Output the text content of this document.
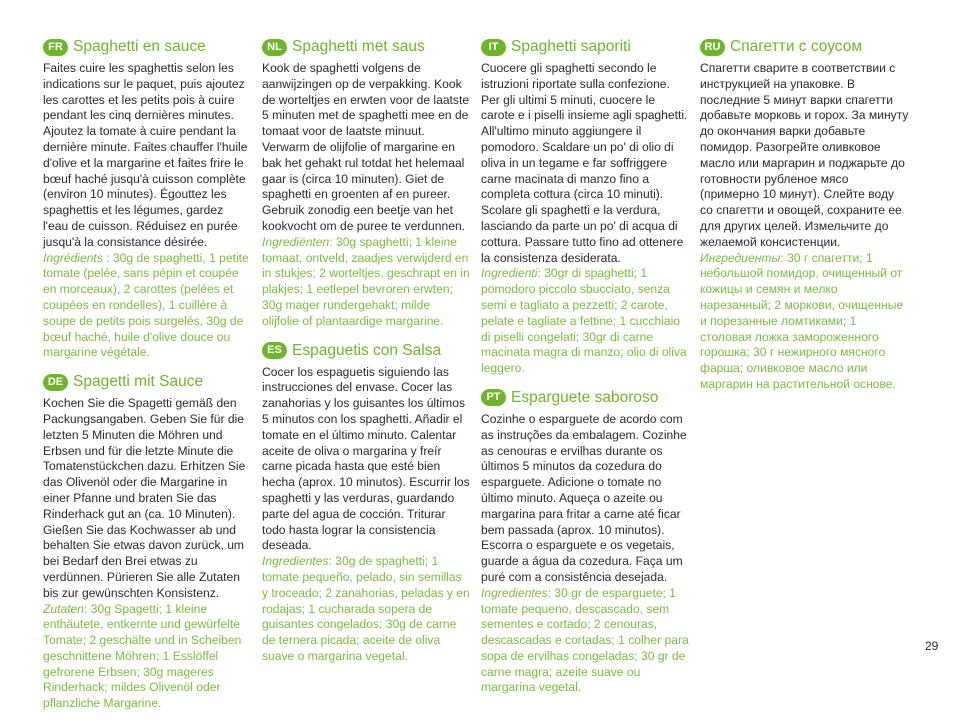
FR Spaghetti en sauce

Faites cuire les spaghettis selon les indications sur le paquet, puis ajoutez les carottes et les petits pois à cuire pendant les cinq dernières minutes. Ajoutez la tomate à cuire pendant la dernière minute. Faites chauffer l'huile d'olive et la margarine et faites frire le bœuf haché jusqu'à cuisson complète (environ 10 minutes). Égouttez les spaghettis et les légumes, gardez l'eau de cuisson. Réduisez en purée jusqu'à la consistance désirée.

Ingrédients : 30g de spaghetti, 1 petite tomate (pelée, sans pépin et coupée en morceaux), 2 carottes (pelées et coupées en rondelles), 1 cuillère à soupe de petits pois surgelés, 30g de bœuf haché, huile d'olive douce ou margarine végétale.

DE Spagetti mit Sauce

Kochen Sie die Spagetti gemäß den Packungsangaben. Geben Sie für die letzten 5 Minuten die Möhren und Erbsen und für die letzte Minute die Tomatenstückchen dazu. Erhitzen Sie das Olivenöl oder die Margarine in einer Pfanne und braten Sie das Rinderhack gut an (ca. 10 Minuten). Gießen Sie das Kochwasser ab und behalten Sie etwas davon zurück, um bei Bedarf den Brei etwas zu verdünnen. Pürieren Sie alle Zutaten bis zur gewünschten Konsistenz.

Zutaten: 30g Spagetti; 1 kleine enthäutete, entkernte und gewürfelte Tomate; 2 geschälte und in Scheiben geschnittene Möhren; 1 Esslöffel gefrorene Erbsen; 30g mageres Rinderhack; mildes Olivenöl oder pflanzliche Margarine.

NL Spaghetti met saus

Kook de spaghetti volgens de aanwijzingen op de verpakking. Kook de worteltjes en erwten voor de laatste 5 minuten met de spaghetti mee en de tomaat voor de laatste minuut. Verwarm de olijfolie of margarine en bak het gehakt rul totdat het helemaal gaar is (circa 10 minuten). Giet de spaghetti en groenten af en pureer. Gebruik zonodig een beetje van het kookvocht om de puree te verdunnen.

Ingrediënten: 30g spaghetti; 1 kleine tomaat, ontveld, zaadjes verwijderd en in stukjes; 2 worteltjes, geschrapt en in plakjes; 1 eetlepel bevroren erwten; 30g mager rundergehakt; milde olijfolie of plantaardige margarine.

ES Espaguetis con Salsa

Cocer los espaguetis siguiendo las instrucciones del envase. Cocer las zanahorias y los guisantes los últimos 5 minutos con los spaghetti. Añadir el tomate en el último minuto. Calentar aceite de oliva o margarina y freír carne picada hasta que esté bien hecha (aprox. 10 minutos). Escurrir los spaghetti y las verduras, guardando parte del agua de cocción. Triturar todo hasta lograr la consistencia deseada.

Ingredientes: 30g de spaghetti; 1 tomate pequeño, pelado, sin semillas y troceado; 2 zanahorias, peladas y en rodajas; 1 cucharada sopera de guisantes congelados; 30g de carne de ternera picada; aceite de oliva suave o margarina vegetal.

IT Spaghetti saporiti

Cuocere gli spaghetti secondo le istruzioni riportate sulla confezione. Per gli ultimi 5 minuti, cuocere le carote e i piselli insieme agli spaghetti. All'ultimo minuto aggiungere il pomodoro. Scaldare un po' di olio di oliva in un tegame e far soffriggere carne macinata di manzo fino a completa cottura (circa 10 minuti). Scolare gli spaghetti e la verdura, lasciando da parte un po' di acqua di cottura. Passare tutto fino ad ottenere la consistenza desiderata.

Ingredienti: 30gr di spaghetti; 1 pomodoro piccolo sbucciato, senza semi e tagliato a pezzetti; 2 carote, pelate e tagliate a fettine; 1 cucchiaio di piselli congelati; 30gr di carne macinata magra di manzo; olio di oliva leggero.

PT Esparguete saboroso

Cozinhe o esparguete de acordo com as instruções da embalagem. Cozinhe as cenouras e ervilhas durante os últimos 5 minutos da cozedura do esparguete. Adicione o tomate no último minuto. Aqueça o azeite ou margarina para fritar a carne até ficar bem passada (aprox. 10 minutos). Escorra o esparguete e os vegetais, guarde a água da cozedura. Faça um puré com a consistência desejada.

Ingredientes: 30 gr de esparguete; 1 tomate pequeno, descascado, sem sementes e cortado; 2 cenouras, descascadas e cortadas; 1 colher para sopa de ervilhas congeladas; 30 gr de carne magra; azeite suave ou margarina vegetal.

RU Спагетти с соусом

Спагетти сварите в соответствии с инструкцией на упаковке. В последние 5 минут варки спагетти добавьте морковь и горох. За минуту до окончания варки добавьте помидор. Разогрейте оливковое масло или маргарин и поджарьте до готовности рубленое мясо (примерно 10 минут). Слейте воду со спагетти и овощей, сохраните ее для других целей. Измельчите до желаемой консистенции.

Ингредиенты: 30 г спагетти; 1 небольшой помидор, очищенный от кожицы и семян и мелко нарезанный; 2 моркови, очищенные и порезанные ломтиками; 1 столовая ложка замороженного горошка; 30 г нежирного мясного фарша; оливковое масло или маргарин на растительной основе.

29
